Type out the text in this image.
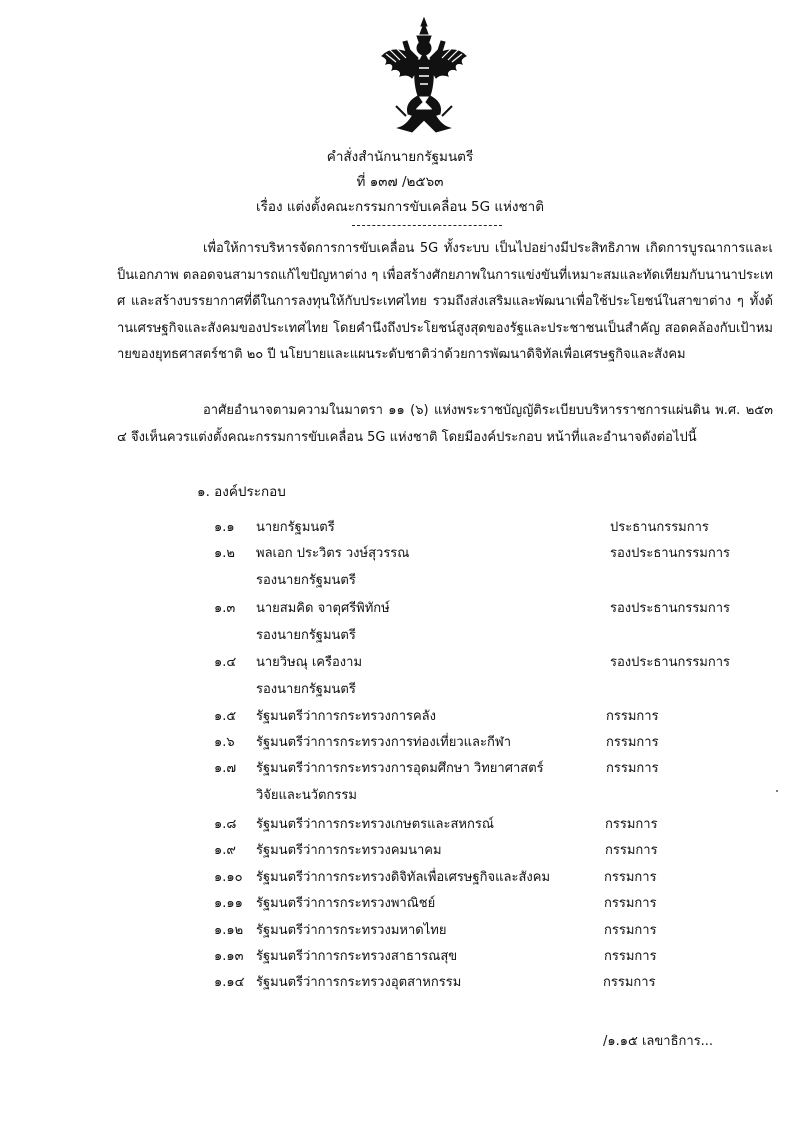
คำสั่งสำนักนายกรัฐมนตรี
ที่ ๑๓๗ /๒๕๖๓
เรื่อง แต่งตั้งคณะกรรมการขับเคลื่อน 5G แห่งชาติ

เพื่อให้การบริหารจัดการการขับเคลื่อน 5G ทั้งระบบ เป็นไปอย่างมีประสิทธิภาพ เกิดการบูรณาการและเป็นเอกภาพ ตลอดจนสามารถแก้ไขปัญหาต่าง ๆ เพื่อสร้างศักยภาพในการแข่งขันที่เหมาะสมและทัดเทียมกับนานาประเทศ และสร้างบรรยากาศที่ดีในการลงทุนให้กับประเทศไทย รวมถึงส่งเสริมและพัฒนาเพื่อใช้ประโยชน์ในสาขาต่าง ๆ ทั้งด้านเศรษฐกิจและสังคมของประเทศไทย โดยคำนึงถึงประโยชน์สูงสุดของรัฐและประชาชนเป็นสำคัญ สอดคล้องกับเป้าหมายของยุทธศาสตร์ชาติ ๒๐ ปี นโยบายและแผนระดับชาติว่าด้วยการพัฒนาดิจิทัลเพื่อเศรษฐกิจและสังคม

อาศัยอำนาจตามความในมาตรา ๑๑ (๖) แห่งพระราชบัญญัติระเบียบบริหารราชการแผ่นดิน พ.ศ. ๒๕๓๔ จึงเห็นควรแต่งตั้งคณะกรรมการขับเคลื่อน 5G แห่งชาติ โดยมีองค์ประกอบ หน้าที่และอำนาจดังต่อไปนี้

๑. องค์ประกอบ
๑.๑ นายกรัฐมนตรี	ประธานกรรมการ
๑.๒ พลเอก ประวิตร วงษ์สุวรรณ	รองประธานกรรมการ
รองนายกรัฐมนตรี
๑.๓ นายสมคิด จาตุศรีพิทักษ์	รองประธานกรรมการ
รองนายกรัฐมนตรี
๑.๔ นายวิษณุ เครืองาม	รองประธานกรรมการ
รองนายกรัฐมนตรี
๑.๕ รัฐมนตรีว่าการกระทรวงการคลัง	กรรมการ
๑.๖ รัฐมนตรีว่าการกระทรวงการท่องเที่ยวและกีฬา	กรรมการ
๑.๗ รัฐมนตรีว่าการกระทรวงการอุดมศึกษา วิทยาศาสตร์	กรรมการ
วิจัยและนวัตกรรม
๑.๘ รัฐมนตรีว่าการกระทรวงเกษตรและสหกรณ์	กรรมการ
๑.๙ รัฐมนตรีว่าการกระทรวงคมนาคม	กรรมการ
๑.๑๐ รัฐมนตรีว่าการกระทรวงดิจิทัลเพื่อเศรษฐกิจและสังคม	กรรมการ
๑.๑๑ รัฐมนตรีว่าการกระทรวงพาณิชย์	กรรมการ
๑.๑๒ รัฐมนตรีว่าการกระทรวงมหาดไทย	กรรมการ
๑.๑๓ รัฐมนตรีว่าการกระทรวงสาธารณสุข	กรรมการ
๑.๑๔ รัฐมนตรีว่าการกระทรวงอุตสาหกรรม	กรรมการ
/๑.๑๕ เลขาธิการ...
